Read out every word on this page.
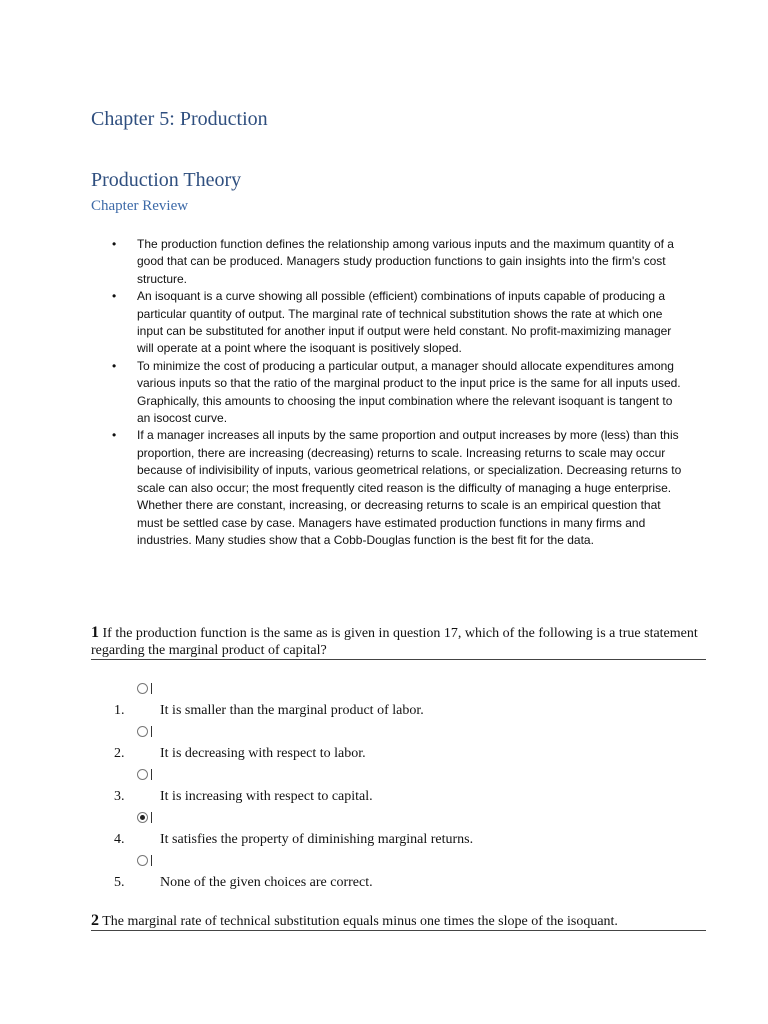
Chapter 5: Production
Production Theory
Chapter Review
• The production function defines the relationship among various inputs and the maximum quantity of a good that can be produced. Managers study production functions to gain insights into the firm's cost structure.
• An isoquant is a curve showing all possible (efficient) combinations of inputs capable of producing a particular quantity of output. The marginal rate of technical substitution shows the rate at which one input can be substituted for another input if output were held constant. No profit-maximizing manager will operate at a point where the isoquant is positively sloped.
• To minimize the cost of producing a particular output, a manager should allocate expenditures among various inputs so that the ratio of the marginal product to the input price is the same for all inputs used. Graphically, this amounts to choosing the input combination where the relevant isoquant is tangent to an isocost curve.
• If a manager increases all inputs by the same proportion and output increases by more (less) than this proportion, there are increasing (decreasing) returns to scale. Increasing returns to scale may occur because of indivisibility of inputs, various geometrical relations, or specialization. Decreasing returns to scale can also occur; the most frequently cited reason is the difficulty of managing a huge enterprise. Whether there are constant, increasing, or decreasing returns to scale is an empirical question that must be settled case by case. Managers have estimated production functions in many firms and industries. Many studies show that a Cobb-Douglas function is the best fit for the data.
1 If the production function is the same as is given in question 17, which of the following is a true statement regarding the marginal product of capital?
1.	It is smaller than the marginal product of labor.
2.	It is decreasing with respect to labor.
3.	It is increasing with respect to capital.
4.	It satisfies the property of diminishing marginal returns.
5.	None of the given choices are correct.
2 The marginal rate of technical substitution equals minus one times the slope of the isoquant.
